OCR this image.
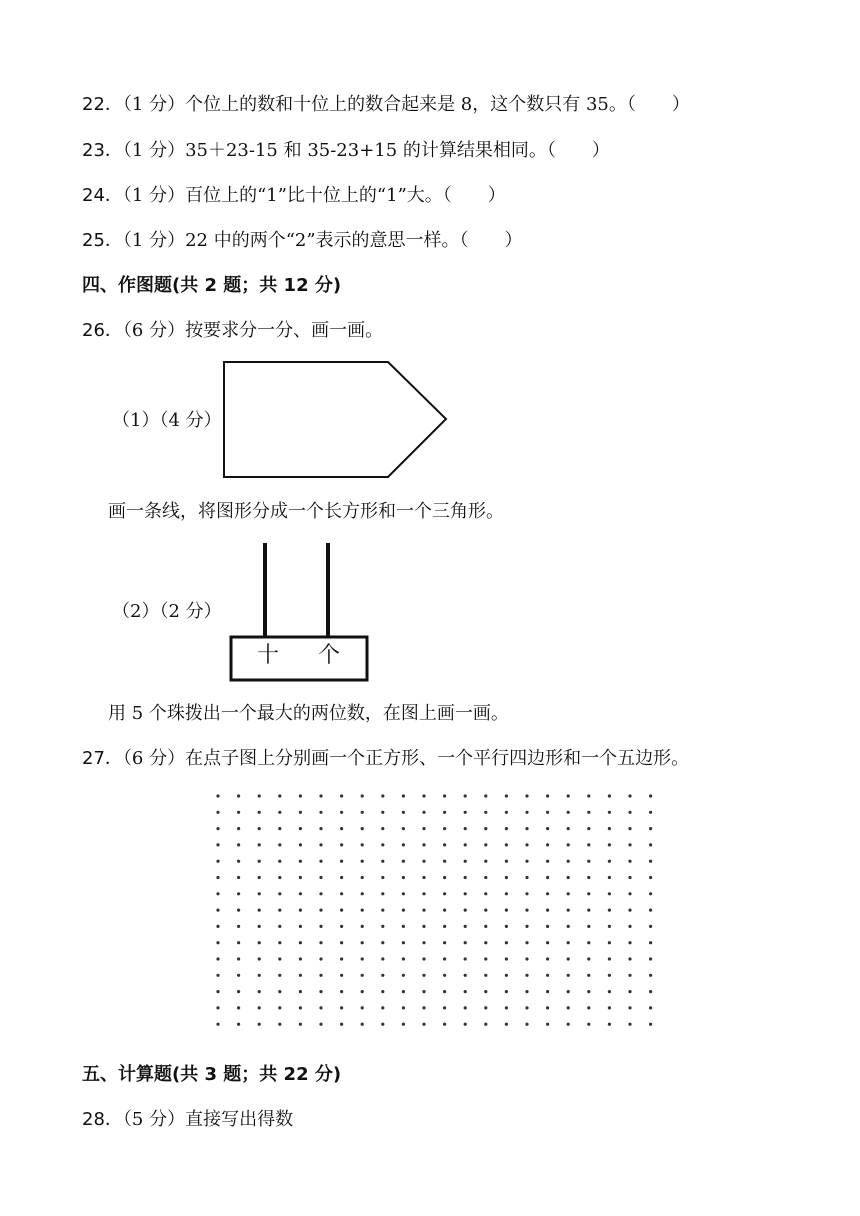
22．（1 分）个位上的数和十位上的数合起来是 8，这个数只有 35。（　　）
23．（1 分）35＋23-15 和 35-23+15 的计算结果相同。（　　）
24．（1 分）百位上的“1”比十位上的“1”大。（　　）
25．（1 分）22 中的两个“2”表示的意思一样。（　　）
四、作图题(共 2 题；共 12 分)
26．（6 分）按要求分一分、画一画。
（1）（4 分）
画一条线，将图形分成一个长方形和一个三角形。
（2）（2 分）
十 个
用 5 个珠拨出一个最大的两位数，在图上画一画。
27．（6 分）在点子图上分别画一个正方形、一个平行四边形和一个五边形。
五、计算题(共 3 题；共 22 分)
28．（5 分）直接写出得数
